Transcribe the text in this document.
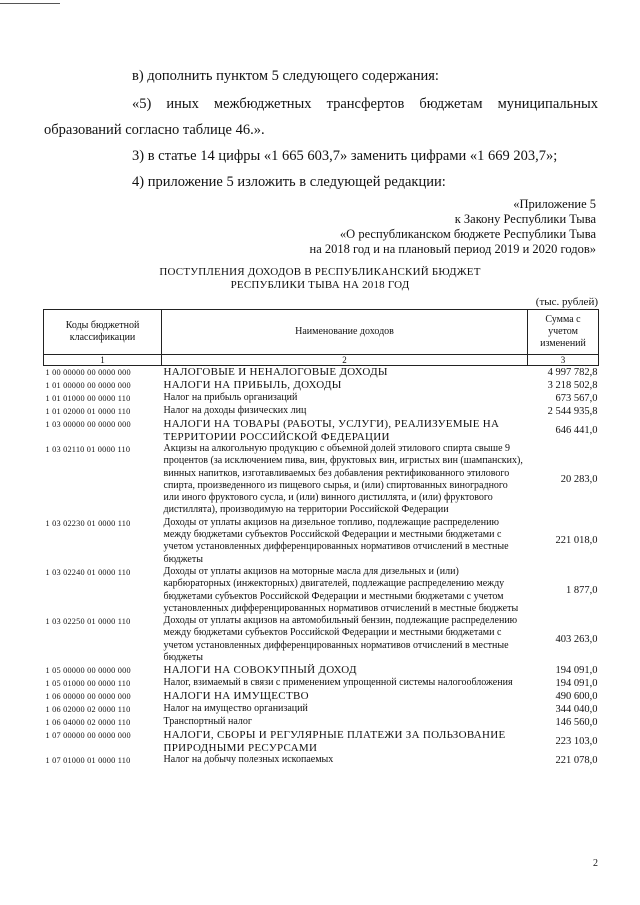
в) дополнить пунктом 5 следующего содержания:
«5) иных межбюджетных трансфертов бюджетам муниципальных
образований согласно таблице 46.».
3) в статье 14 цифры «1 665 603,7» заменить цифрами «1 669 203,7»;
4) приложение 5 изложить в следующей редакции:
«Приложение 5
к Закону Республики Тыва
«О республиканском бюджете Республики Тыва
на 2018 год и на плановый период 2019 и 2020 годов»
ПОСТУПЛЕНИЯ ДОХОДОВ В РЕСПУБЛИКАНСКИЙ БЮДЖЕТ
РЕСПУБЛИКИ ТЫВА НА 2018 ГОД
(тыс. рублей)
Коды бюджетной классификации	Наименование доходов	Сумма с учетом изменений
1	2	3
1 00 00000 00 0000 000	НАЛОГОВЫЕ И НЕНАЛОГОВЫЕ ДОХОДЫ	4 997 782,8
1 01 00000 00 0000 000	НАЛОГИ НА ПРИБЫЛЬ, ДОХОДЫ	3 218 502,8
1 01 01000 00 0000 110	Налог на прибыль организаций	673 567,0
1 01 02000 01 0000 110	Налог на доходы физических лиц	2 544 935,8
1 03 00000 00 0000 000	НАЛОГИ НА ТОВАРЫ (РАБОТЫ, УСЛУГИ), РЕАЛИЗУЕМЫЕ НА ТЕРРИТОРИИ РОССИЙСКОЙ ФЕДЕРАЦИИ	646 441,0
1 03 02110 01 0000 110	Акцизы на алкогольную продукцию с объемной долей этилового спирта свыше 9 процентов (за исключением пива, вин, фруктовых вин, игристых вин (шампанских), винных напитков, изготавливаемых без добавления ректификованного этилового спирта, произведенного из пищевого сырья, и (или) спиртованных виноградного или иного фруктового сусла, и (или) винного дистиллята, и (или) фруктового дистиллята), производимую на территории Российской Федерации	20 283,0
1 03 02230 01 0000 110	Доходы от уплаты акцизов на дизельное топливо, подлежащие распределению между бюджетами субъектов Российской Федерации и местными бюджетами с учетом установленных дифференцированных нормативов отчислений в местные бюджеты	221 018,0
1 03 02240 01 0000 110	Доходы от уплаты акцизов на моторные масла для дизельных и (или) карбюраторных (инжекторных) двигателей, подлежащие распределению между бюджетами субъектов Российской Федерации и местными бюджетами с учетом установленных дифференцированных нормативов отчислений в местные бюджеты	1 877,0
1 03 02250 01 0000 110	Доходы от уплаты акцизов на автомобильный бензин, подлежащие распределению между бюджетами субъектов Российской Федерации и местными бюджетами с учетом установленных дифференцированных нормативов отчислений в местные бюджеты	403 263,0
1 05 00000 00 0000 000	НАЛОГИ НА СОВОКУПНЫЙ ДОХОД	194 091,0
1 05 01000 00 0000 110	Налог, взимаемый в связи с применением упрощенной системы налогообложения	194 091,0
1 06 00000 00 0000 000	НАЛОГИ НА ИМУЩЕСТВО	490 600,0
1 06 02000 02 0000 110	Налог на имущество организаций	344 040,0
1 06 04000 02 0000 110	Транспортный налог	146 560,0
1 07 00000 00 0000 000	НАЛОГИ, СБОРЫ И РЕГУЛЯРНЫЕ ПЛАТЕЖИ ЗА ПОЛЬЗОВАНИЕ ПРИРОДНЫМИ РЕСУРСАМИ	223 103,0
1 07 01000 01 0000 110	Налог на добычу полезных ископаемых	221 078,0
2
